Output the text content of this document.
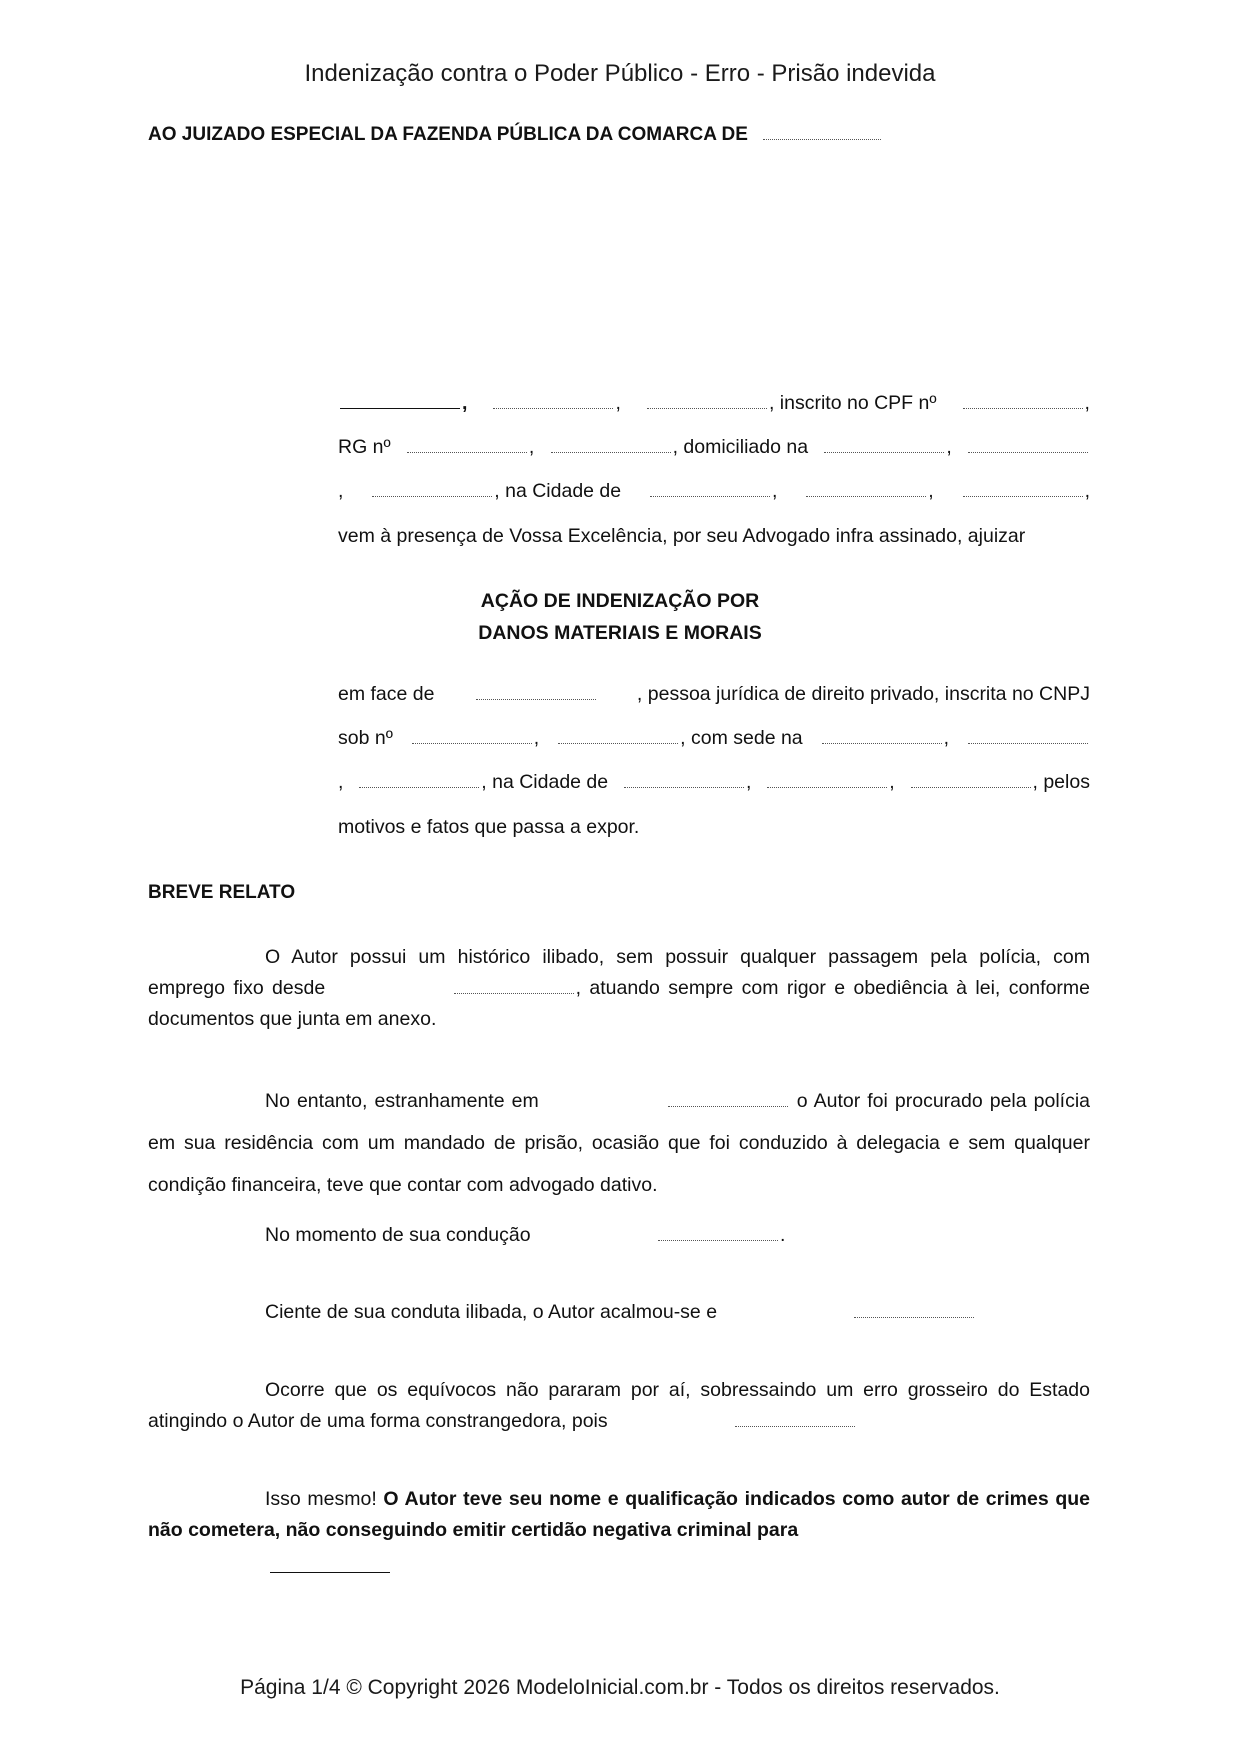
Indenização contra o Poder Público - Erro - Prisão indevida
AO JUIZADO ESPECIAL DA FAZENDA PÚBLICA DA COMARCA DE
,	,	, inscrito no CPF nº	,
RG nº	,	, domiciliado na	,
,	, na Cidade de	,	,	,
vem à presença de Vossa Excelência, por seu Advogado infra assinado, ajuizar
AÇÃO DE INDENIZAÇÃO POR
DANOS MATERIAIS E MORAIS
em face de	, pessoa jurídica de direito privado, inscrita no CNPJ
sob nº	,	, com sede na	,
,	, na Cidade de	,	,	, pelos
motivos e fatos que passa a expor.
BREVE RELATO
O Autor possui um histórico ilibado, sem possuir qualquer passagem pela polícia, com emprego fixo desde	, atuando sempre com rigor e obediência à lei, conforme documentos que junta em anexo.
No entanto, estranhamente em	o Autor foi procurado pela polícia em sua residência com um mandado de prisão, ocasião que foi conduzido à delegacia e sem qualquer condição financeira, teve que contar com advogado dativo.
No momento de sua condução	.
Ciente de sua conduta ilibada, o Autor acalmou-se e
Ocorre que os equívocos não pararam por aí, sobressaindo um erro grosseiro do Estado atingindo o Autor de uma forma constrangedora, pois
Isso mesmo! O Autor teve seu nome e qualificação indicados como autor de crimes que não cometera, não conseguindo emitir certidão negativa criminal para
Página 1/4 © Copyright 2026 ModeloInicial.com.br - Todos os direitos reservados.
